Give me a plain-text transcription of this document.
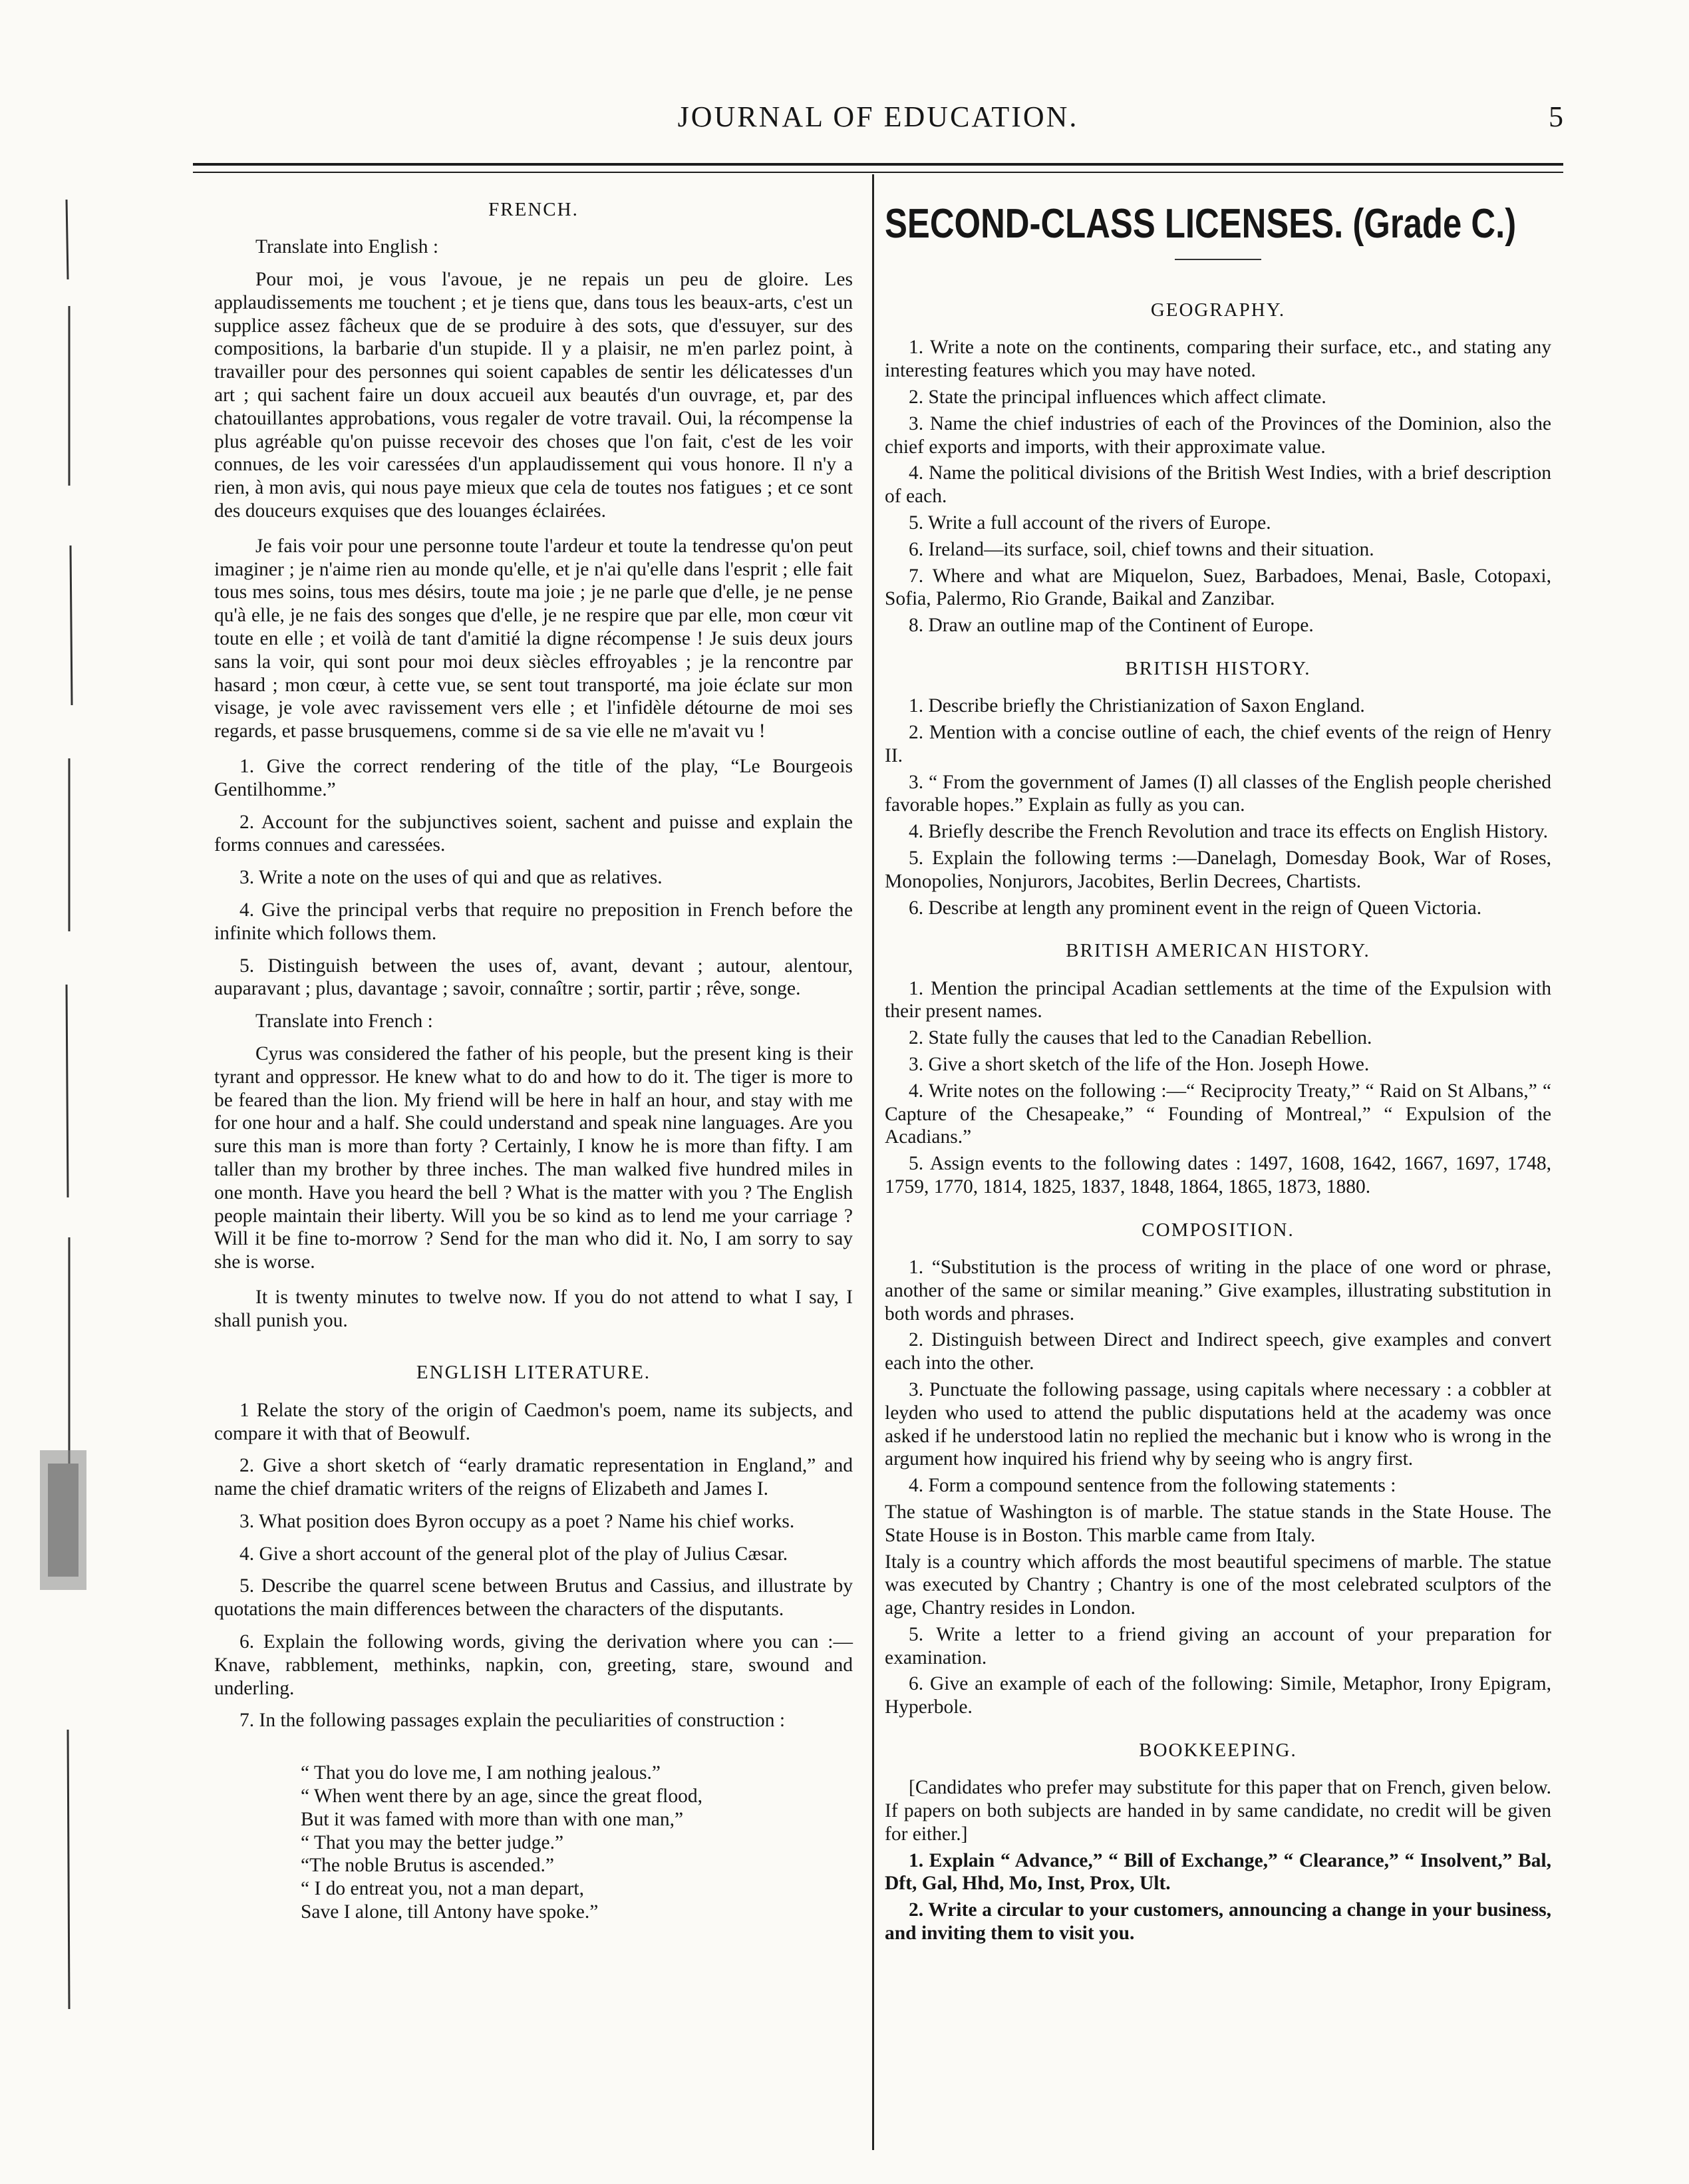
JOURNAL OF EDUCATION.	5
FRENCH.

Translate into English :

Pour moi, je vous l'avoue, je ne repais un peu de gloire. Les applaudissements me touchent ; et je tiens que, dans tous les beaux-arts, c'est un supplice assez fâcheux que de se produire à des sots, que d'essuyer, sur des compositions, la barbarie d'un stupide. Il y a plaisir, ne m'en parlez point, à travailler pour des personnes qui soient capables de sentir les délicatesses d'un art ; qui sachent faire un doux accueil aux beautés d'un ouvrage, et, par des chatouillantes approbations, vous regaler de votre travail. Oui, la récompense la plus agréable qu'on puisse recevoir des choses que l'on fait, c'est de les voir connues, de les voir caressées d'un applaudissement qui vous honore. Il n'y a rien, à mon avis, qui nous paye mieux que cela de toutes nos fatigues ; et ce sont des douceurs exquises que des louanges éclairées.

Je fais voir pour une personne toute l'ardeur et toute la tendresse qu'on peut imaginer ; je n'aime rien au monde qu'elle, et je n'ai qu'elle dans l'esprit ; elle fait tous mes soins, tous mes désirs, toute ma joie ; je ne parle que d'elle, je ne pense qu'à elle, je ne fais des songes que d'elle, je ne respire que par elle, mon cœur vit toute en elle ; et voilà de tant d'amitié la digne récompense ! Je suis deux jours sans la voir, qui sont pour moi deux siècles effroyables ; je la rencontre par hasard ; mon cœur, à cette vue, se sent tout transporté, ma joie éclate sur mon visage, je vole avec ravissement vers elle ; et l'infidèle détourne de moi ses regards, et passe brusquemens, comme si de sa vie elle ne m'avait vu !

1. Give the correct rendering of the title of the play, “Le Bourgeois Gentilhomme.”

2. Account for the subjunctives soient, sachent and puisse and explain the forms connues and caressées.

3. Write a note on the uses of qui and que as relatives.

4. Give the principal verbs that require no preposition in French before the infinite which follows them.

5. Distinguish between the uses of, avant, devant ; autour, alentour, auparavant ; plus, davantage ; savoir, connaître ; sortir, partir ; rêve, songe.

Translate into French :

Cyrus was considered the father of his people, but the present king is their tyrant and oppressor. He knew what to do and how to do it. The tiger is more to be feared than the lion. My friend will be here in half an hour, and stay with me for one hour and a half. She could understand and speak nine languages. Are you sure this man is more than forty ? Certainly, I know he is more than fifty. I am taller than my brother by three inches. The man walked five hundred miles in one month. Have you heard the bell ? What is the matter with you ? The English people maintain their liberty. Will you be so kind as to lend me your carriage ? Will it be fine to-morrow ? Send for the man who did it. No, I am sorry to say she is worse.

It is twenty minutes to twelve now. If you do not attend to what I say, I shall punish you.

ENGLISH LITERATURE.

1 Relate the story of the origin of Caedmon's poem, name its subjects, and compare it with that of Beowulf.

2. Give a short sketch of “early dramatic representation in England,” and name the chief dramatic writers of the reigns of Elizabeth and James I.

3. What position does Byron occupy as a poet ? Name his chief works.

4. Give a short account of the general plot of the play of Julius Cæsar.

5. Describe the quarrel scene between Brutus and Cassius, and illustrate by quotations the main differences between the characters of the disputants.

6. Explain the following words, giving the derivation where you can :— Knave, rabblement, methinks, napkin, con, greeting, stare, swound and underling.

7. In the following passages explain the peculiarities of construction :

“ That you do love me, I am nothing jealous.”
“ When went there by an age, since the great flood,
But it was famed with more than with one man,”
“ That you may the better judge.”
“The noble Brutus is ascended.”
“ I do entreat you, not a man depart,
Save I alone, till Antony have spoke.”
SECOND-CLASS LICENSES. (Grade C.)
GEOGRAPHY.

1. Write a note on the continents, comparing their surface, etc., and stating any interesting features which you may have noted.

2. State the principal influences which affect climate.

3. Name the chief industries of each of the Provinces of the Dominion, also the chief exports and imports, with their approximate value.

4. Name the political divisions of the British West Indies, with a brief description of each.

5. Write a full account of the rivers of Europe.

6. Ireland—its surface, soil, chief towns and their situation.

7. Where and what are Miquelon, Suez, Barbadoes, Menai, Basle, Cotopaxi, Sofia, Palermo, Rio Grande, Baikal and Zanzibar.

8. Draw an outline map of the Continent of Europe.

BRITISH HISTORY.

1. Describe briefly the Christianization of Saxon England.

2. Mention with a concise outline of each, the chief events of the reign of Henry II.

3. “ From the government of James (I) all classes of the English people cherished favorable hopes.” Explain as fully as you can.

4. Briefly describe the French Revolution and trace its effects on English History.

5. Explain the following terms :—Danelagh, Domesday Book, War of Roses, Monopolies, Nonjurors, Jacobites, Berlin Decrees, Chartists.

6. Describe at length any prominent event in the reign of Queen Victoria.

BRITISH AMERICAN HISTORY.

1. Mention the principal Acadian settlements at the time of the Expulsion with their present names.

2. State fully the causes that led to the Canadian Rebellion.

3. Give a short sketch of the life of the Hon. Joseph Howe.

4. Write notes on the following :—“ Reciprocity Treaty,” “ Raid on St Albans,” “ Capture of the Chesapeake,” “ Founding of Montreal,” “ Expulsion of the Acadians.”

5. Assign events to the following dates : 1497, 1608, 1642, 1667, 1697, 1748, 1759, 1770, 1814, 1825, 1837, 1848, 1864, 1865, 1873, 1880.

COMPOSITION.

1. “Substitution is the process of writing in the place of one word or phrase, another of the same or similar meaning.” Give examples, illustrating substitution in both words and phrases.

2. Distinguish between Direct and Indirect speech, give examples and convert each into the other.

3. Punctuate the following passage, using capitals where necessary : a cobbler at leyden who used to attend the public disputations held at the academy was once asked if he understood latin no replied the mechanic but i know who is wrong in the argument how inquired his friend why by seeing who is angry first.

4. Form a compound sentence from the following statements :

The statue of Washington is of marble. The statue stands in the State House. The State House is in Boston. This marble came from Italy.

Italy is a country which affords the most beautiful specimens of marble. The statue was executed by Chantry ; Chantry is one of the most celebrated sculptors of the age, Chantry resides in London.

5. Write a letter to a friend giving an account of your preparation for examination.

6. Give an example of each of the following: Simile, Metaphor, Irony Epigram, Hyperbole.

BOOKKEEPING.

[Candidates who prefer may substitute for this paper that on French, given below. If papers on both subjects are handed in by same candidate, no credit will be given for either.]

1. Explain “ Advance,” “ Bill of Exchange,” “ Clearance,” “ Insolvent,” Bal, Dft, Gal, Hhd, Mo, Inst, Prox, Ult.

2. Write a circular to your customers, announcing a change in your business, and inviting them to visit you.
